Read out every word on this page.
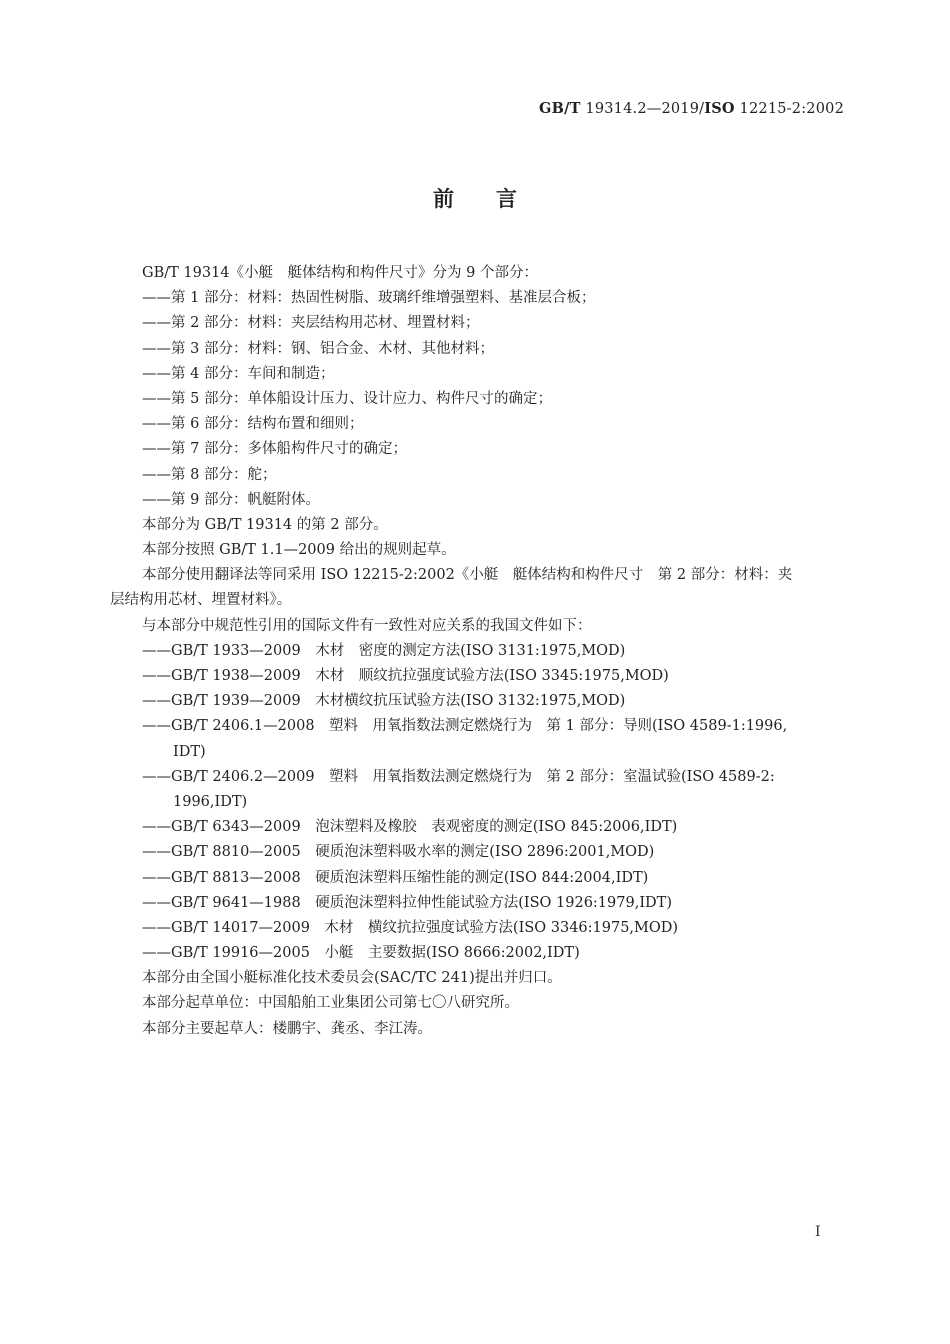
GB/T 19314.2—2019/ISO 12215-2:2002
前言
GB/T 19314《小艇　艇体结构和构件尺寸》分为 9 个部分：
——第 1 部分：材料：热固性树脂、玻璃纤维增强塑料、基准层合板；
——第 2 部分：材料：夹层结构用芯材、埋置材料；
——第 3 部分：材料：钢、铝合金、木材、其他材料；
——第 4 部分：车间和制造；
——第 5 部分：单体船设计压力、设计应力、构件尺寸的确定；
——第 6 部分：结构布置和细则；
——第 7 部分：多体船构件尺寸的确定；
——第 8 部分：舵；
——第 9 部分：帆艇附体。
本部分为 GB/T 19314 的第 2 部分。
本部分按照 GB/T 1.1—2009 给出的规则起草。
本部分使用翻译法等同采用 ISO 12215-2:2002《小艇　艇体结构和构件尺寸　第 2 部分：材料：夹
层结构用芯材、埋置材料》。
与本部分中规范性引用的国际文件有一致性对应关系的我国文件如下：
——GB/T 1933—2009　木材　密度的测定方法(ISO 3131:1975,MOD)
——GB/T 1938—2009　木材　顺纹抗拉强度试验方法(ISO 3345:1975,MOD)
——GB/T 1939—2009　木材横纹抗压试验方法(ISO 3132:1975,MOD)
——GB/T 2406.1—2008　塑料　用氧指数法测定燃烧行为　第 1 部分：导则(ISO 4589-1:1996,
IDT)
——GB/T 2406.2—2009　塑料　用氧指数法测定燃烧行为　第 2 部分：室温试验(ISO 4589-2:
1996,IDT)
——GB/T 6343—2009　泡沫塑料及橡胶　表观密度的测定(ISO 845:2006,IDT)
——GB/T 8810—2005　硬质泡沫塑料吸水率的测定(ISO 2896:2001,MOD)
——GB/T 8813—2008　硬质泡沫塑料压缩性能的测定(ISO 844:2004,IDT)
——GB/T 9641—1988　硬质泡沫塑料拉伸性能试验方法(ISO 1926:1979,IDT)
——GB/T 14017—2009　木材　横纹抗拉强度试验方法(ISO 3346:1975,MOD)
——GB/T 19916—2005　小艇　主要数据(ISO 8666:2002,IDT)
本部分由全国小艇标准化技术委员会(SAC/TC 241)提出并归口。
本部分起草单位：中国船舶工业集团公司第七〇八研究所。
本部分主要起草人：楼鹏宇、龚丞、李江涛。
I
